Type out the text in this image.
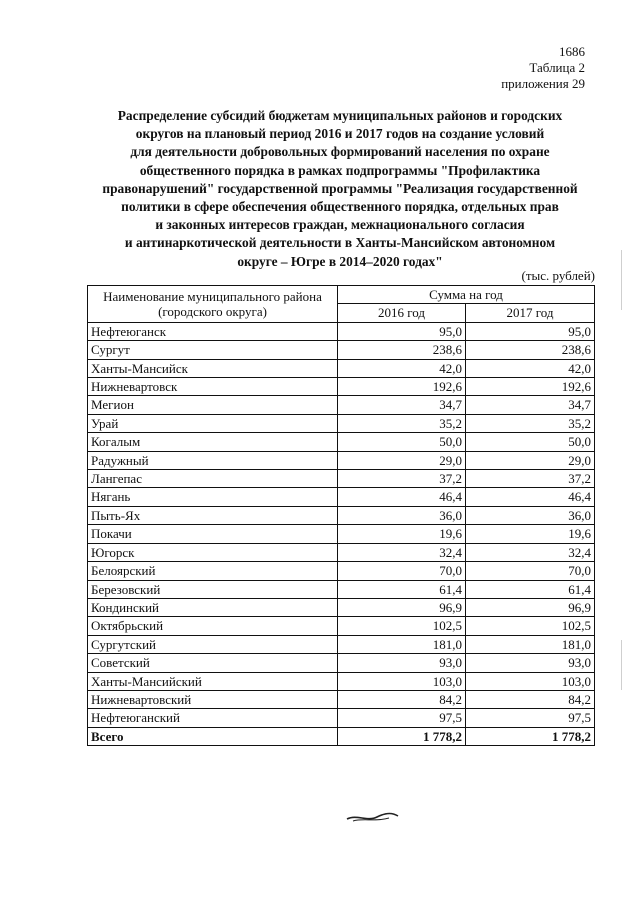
1686
Таблица 2
приложения 29
Распределение субсидий бюджетам муниципальных районов и городских
округов на плановый период 2016 и 2017 годов на создание условий
для деятельности добровольных формирований населения по охране
общественного порядка в рамках подпрограммы "Профилактика
правонарушений" государственной программы "Реализация государственной
политики в сфере обеспечения общественного порядка, отдельных прав
и законных интересов граждан, межнационального согласия
и антинаркотической деятельности в Ханты-Мансийском автономном
округе – Югре в 2014–2020 годах"
(тыс. рублей)
Наименование муниципального района
(городского округа)	Сумма на год	
	2016 год	2017 год
Нефтеюганск	95,0	95,0
Сургут	238,6	238,6
Ханты-Мансийск	42,0	42,0
Нижневартовск	192,6	192,6
Мегион	34,7	34,7
Урай	35,2	35,2
Когалым	50,0	50,0
Радужный	29,0	29,0
Лангепас	37,2	37,2
Нягань	46,4	46,4
Пыть-Ях	36,0	36,0
Покачи	19,6	19,6
Югорск	32,4	32,4
Белоярский	70,0	70,0
Березовский	61,4	61,4
Кондинский	96,9	96,9
Октябрьский	102,5	102,5
Сургутский	181,0	181,0
Советский	93,0	93,0
Ханты-Мансийский	103,0	103,0
Нижневартовский	84,2	84,2
Нефтеюганский	97,5	97,5
Всего	1 778,2	1 778,2
